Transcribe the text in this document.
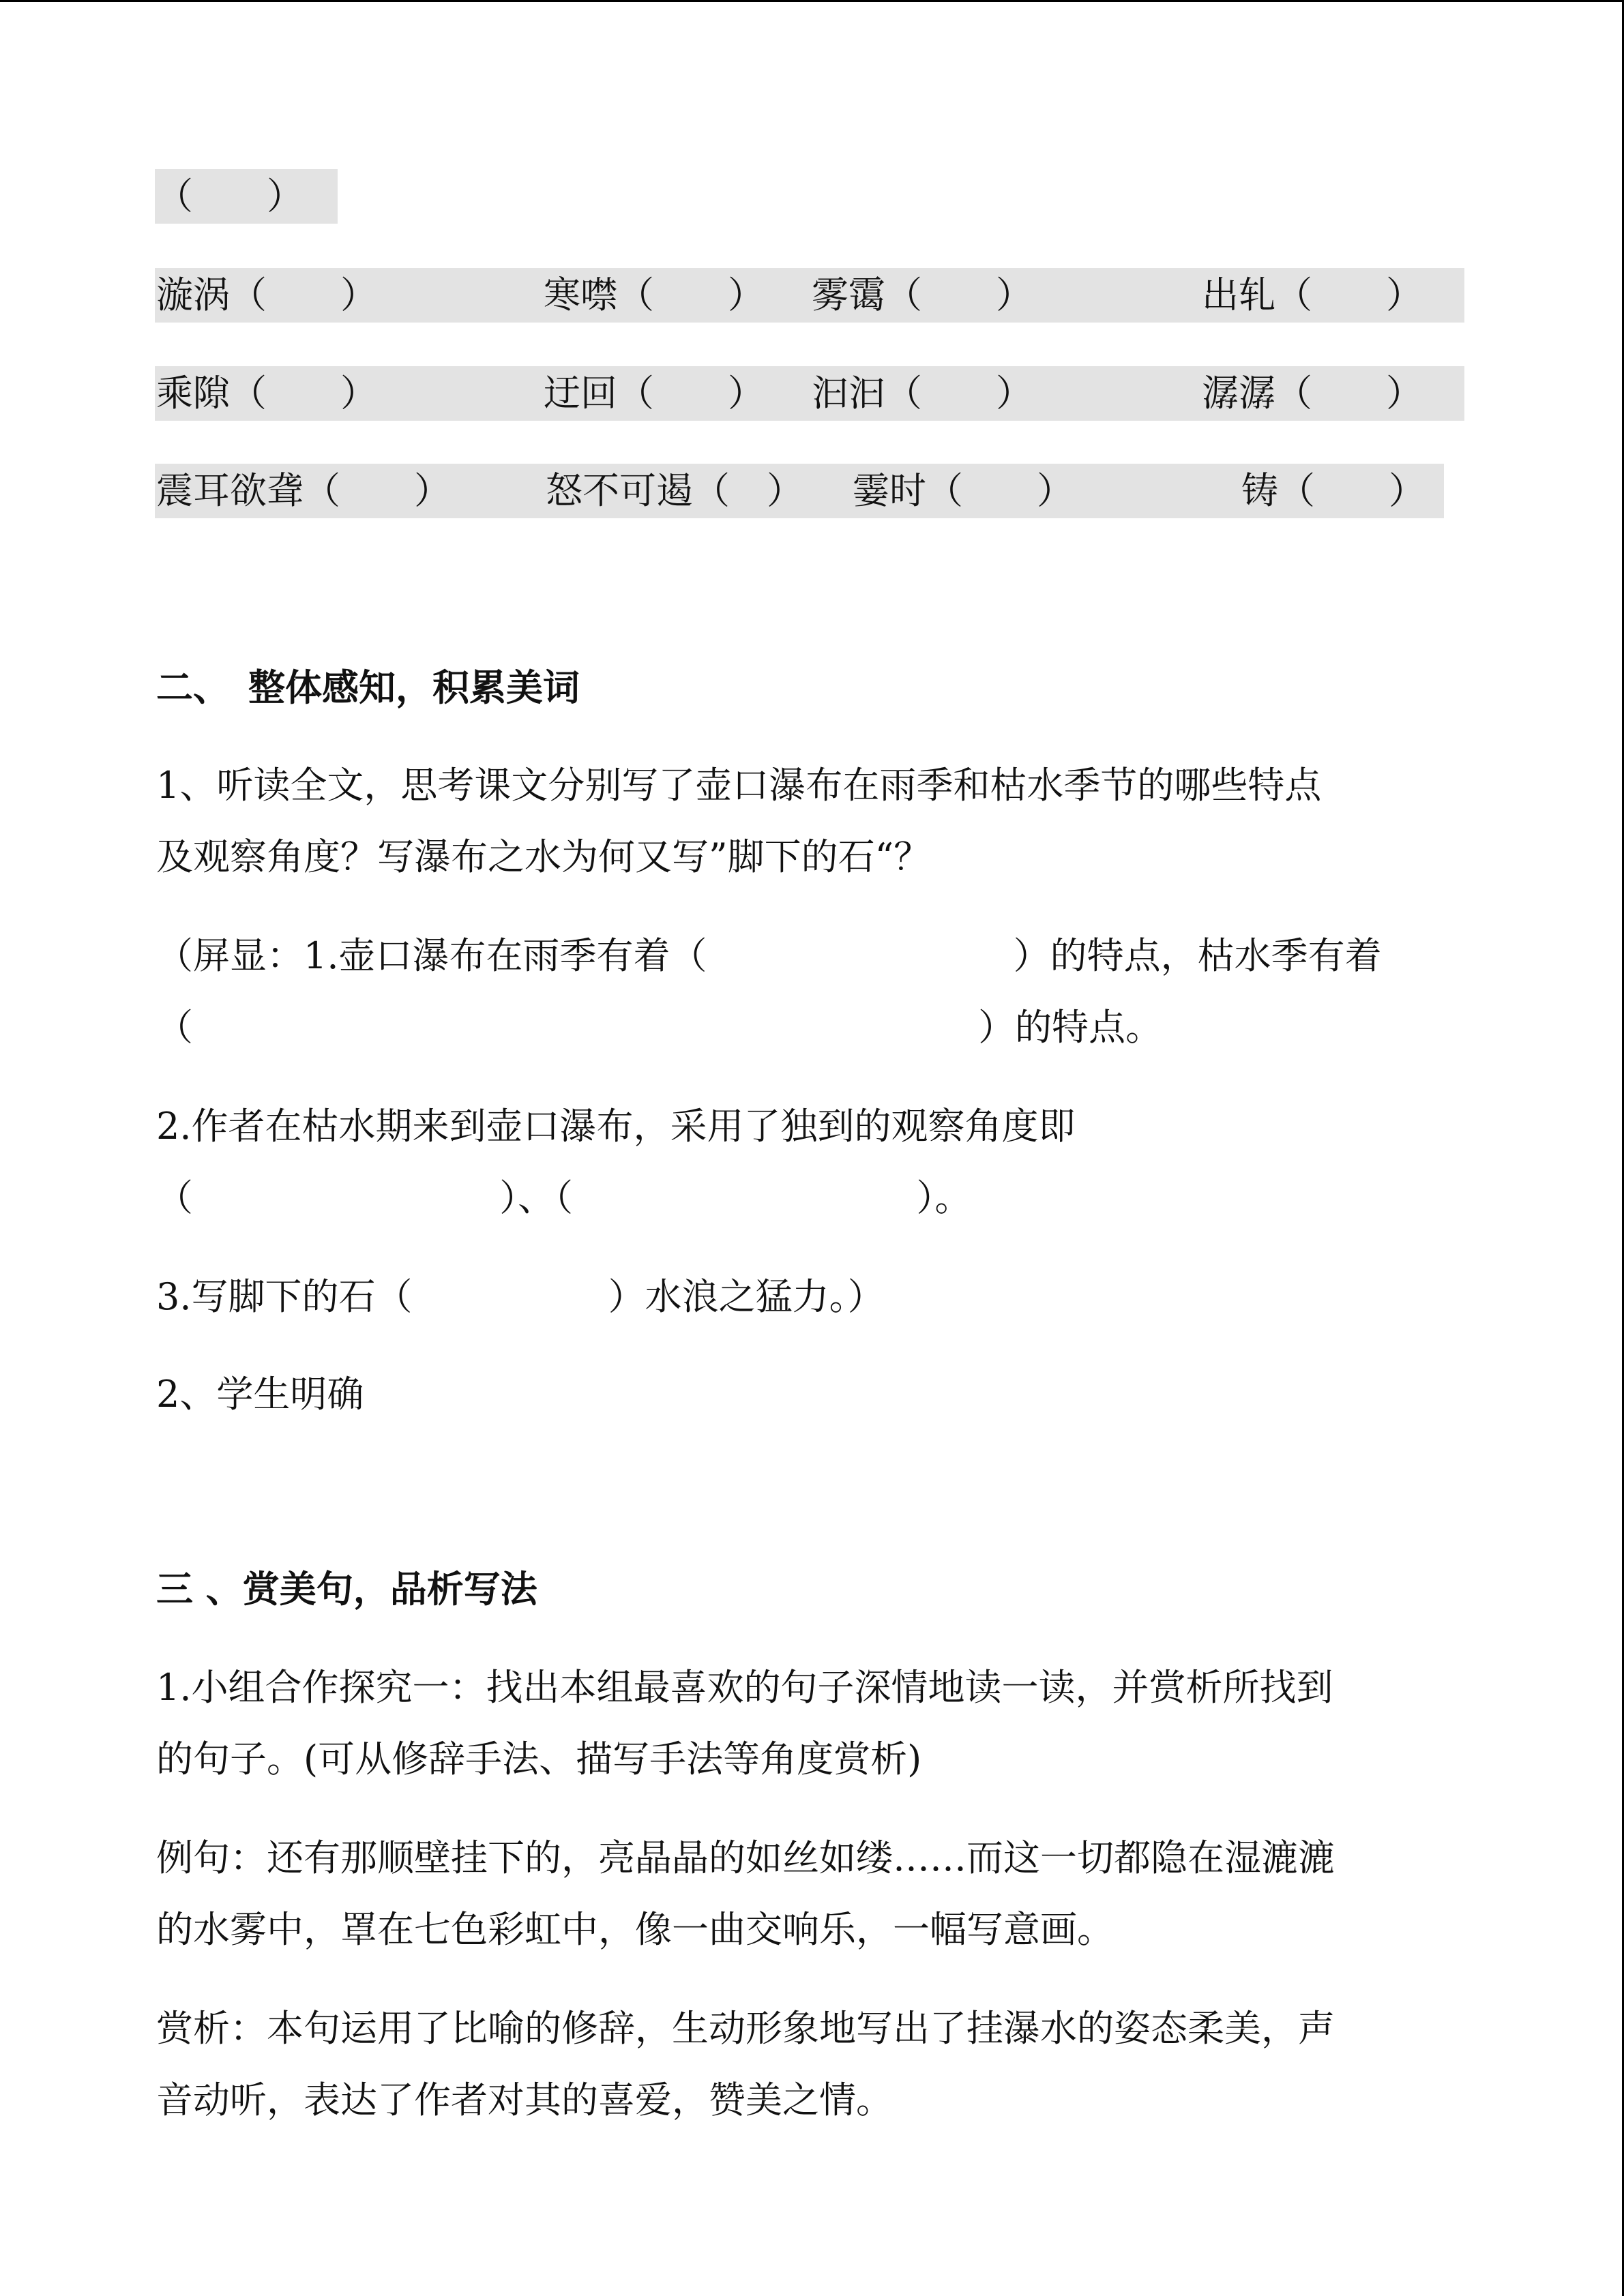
（　　）
漩涡（　　）	寒噤（　　） 雾霭（　　）	出轧（　　）
乘隙（　　）	迂回（　　） 汩汩（　　）	潺潺（　　）
震耳欲聋（　　）	怒不可遏（　） 霎时（　　）	铸（　　）
二、　整体感知，积累美词
1、听读全文，思考课文分别写了壶口瀑布在雨季和枯水季节的哪些特点
及观察角度？写瀑布之水为何又写”脚下的石“？
（屏显：1.壶口瀑布在雨季有着（　　　　　　　　 ）的特点，枯水季有着
（　　　　　　　　　　　　　　　　　　　　　 ）的特点。
2.作者在枯水期来到壶口瀑布，采用了独到的观察角度即
（　　　　　　　　 ）、（　　　　　　　　　 ）。
3.写脚下的石（　　　　　 ）水浪之猛力。）
2、学生明确
三 、赏美句，品析写法
1.小组合作探究一：找出本组最喜欢的句子深情地读一读，并赏析所找到
的句子。(可从修辞手法、描写手法等角度赏析)
例句：还有那顺壁挂下的，亮晶晶的如丝如缕……而这一切都隐在湿漉漉
的水雾中，罩在七色彩虹中，像一曲交响乐，一幅写意画。
赏析：本句运用了比喻的修辞，生动形象地写出了挂瀑水的姿态柔美，声
音动听，表达了作者对其的喜爱，赞美之情。
